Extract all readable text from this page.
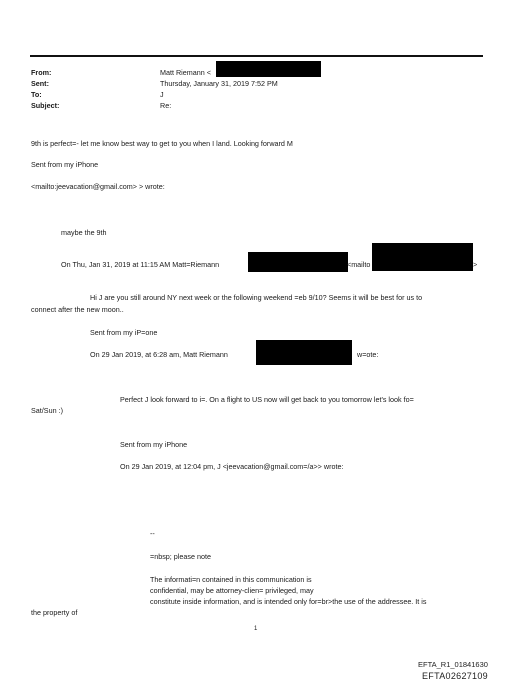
From:	Matt Riemann <
Sent:	Thursday, January 31, 2019 7:52 PM
To:	J
Subject:	Re:
9th is perfect=- let me know best way to get to you when I land. Looking forward M
Sent from my iPhone
<mailto:jeevacation@gmail.com> > wrote:
maybe the 9th
On Thu, Jan 31, 2019 at 11:15 AM Matt=Riemann	<mailto	>
Hi J are you still around NY next week or the following weekend =eb 9/10? Seems it will be best for us to
connect after the new moon..
Sent from my iP=one
On 29 Jan 2019, at 6:28 am, Matt Riemann	w=ote:
Perfect J look forward to i=. On a flight to US now will get back to you tomorrow let's look fo=
Sat/Sun :)
Sent from my iPhone
On 29 Jan 2019, at 12:04 pm, J <jeevacation@gmail.com=/a>> wrote:
--
=nbsp; please note
The informati=n contained in this communication is
confidential, may be attorney-clien= privileged, may
constitute inside information, and is intended only for=br>the use of the addressee. It is
the property of
1
EFTA_R1_01841630
EFTA02627109
